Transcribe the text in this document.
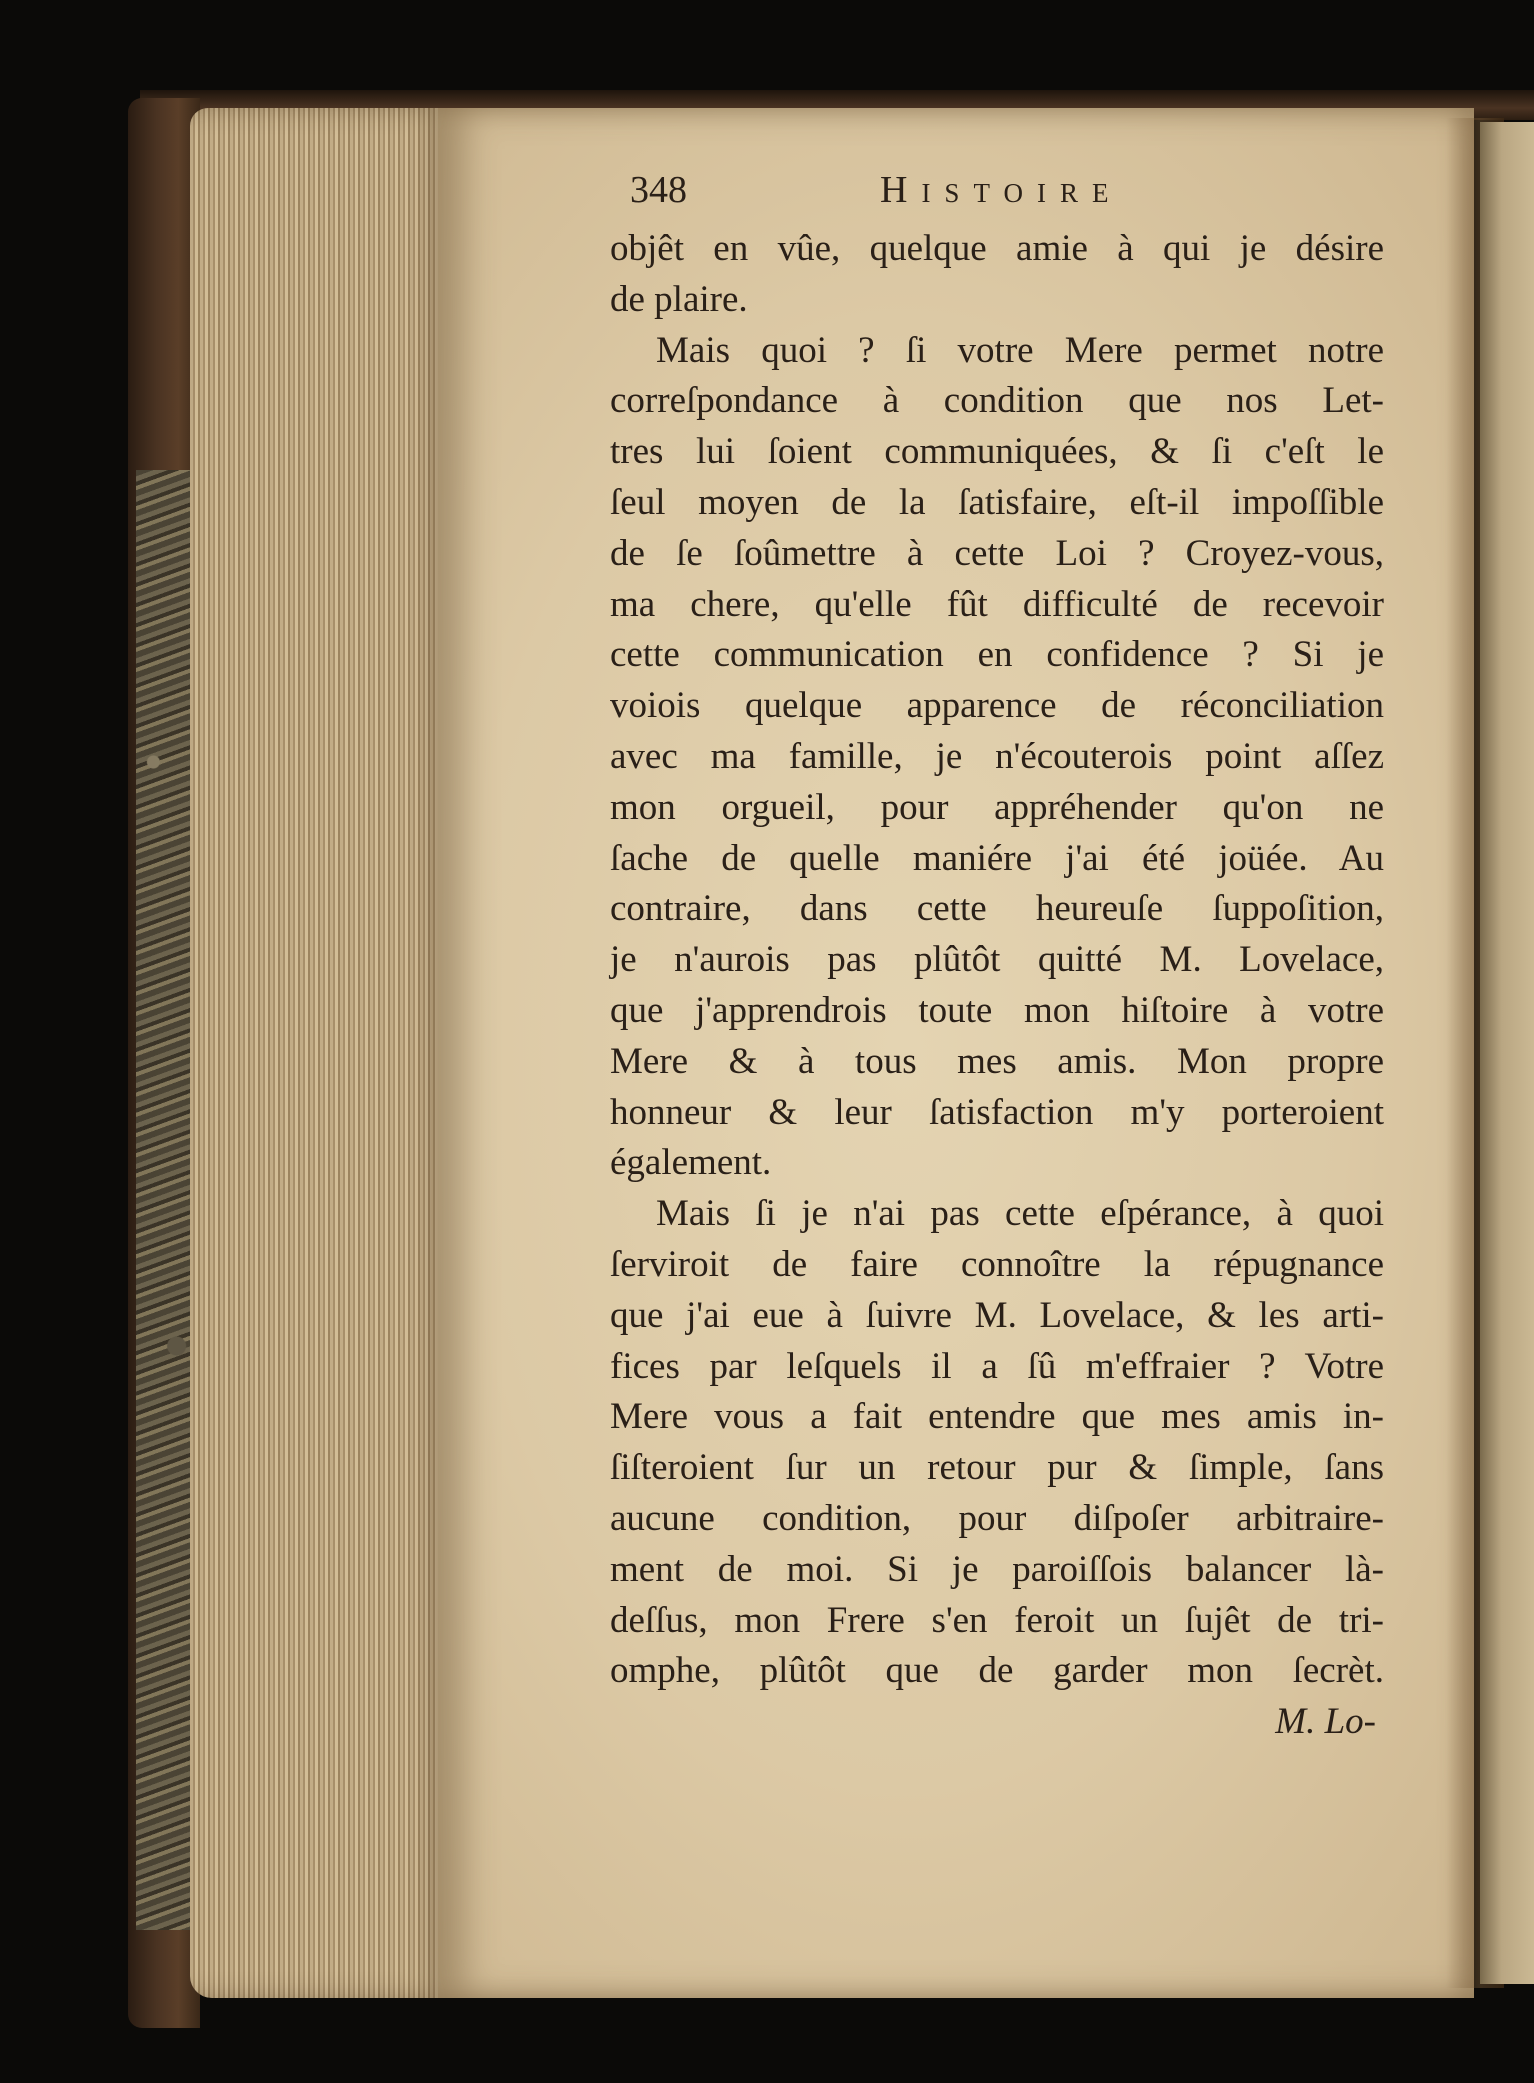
348	Histoire
objêt en vûe, quelque amie à qui je désire
de plaire.
Mais quoi ? ſi votre Mere permet notre
correſpondance à condition que nos Let-
tres lui ſoient communiquées, & ſi c'eſt le
ſeul moyen de la ſatisfaire, eſt-il impoſſible
de ſe ſoûmettre à cette Loi ? Croyez-vous,
ma chere, qu'elle fût difficulté de recevoir
cette communication en confidence ? Si je
voiois quelque apparence de réconciliation
avec ma famille, je n'écouterois point aſſez
mon orgueil, pour appréhender qu'on ne
ſache de quelle maniére j'ai été joüée. Au
contraire, dans cette heureuſe ſuppoſition,
je n'aurois pas plûtôt quitté M. Lovelace,
que j'apprendrois toute mon hiſtoire à votre
Mere & à tous mes amis. Mon propre
honneur & leur ſatisfaction m'y porteroient
également.
Mais ſi je n'ai pas cette eſpérance, à quoi
ſerviroit de faire connoître la répugnance
que j'ai eue à ſuivre M. Lovelace, & les arti-
fices par leſquels il a ſû m'effraier ? Votre
Mere vous a fait entendre que mes amis in-
ſiſteroient ſur un retour pur & ſimple, ſans
aucune condition, pour diſpoſer arbitraire-
ment de moi. Si je paroiſſois balancer là-
deſſus, mon Frere s'en feroit un ſujêt de tri-
omphe, plûtôt que de garder mon ſecrèt.
M. Lo-
